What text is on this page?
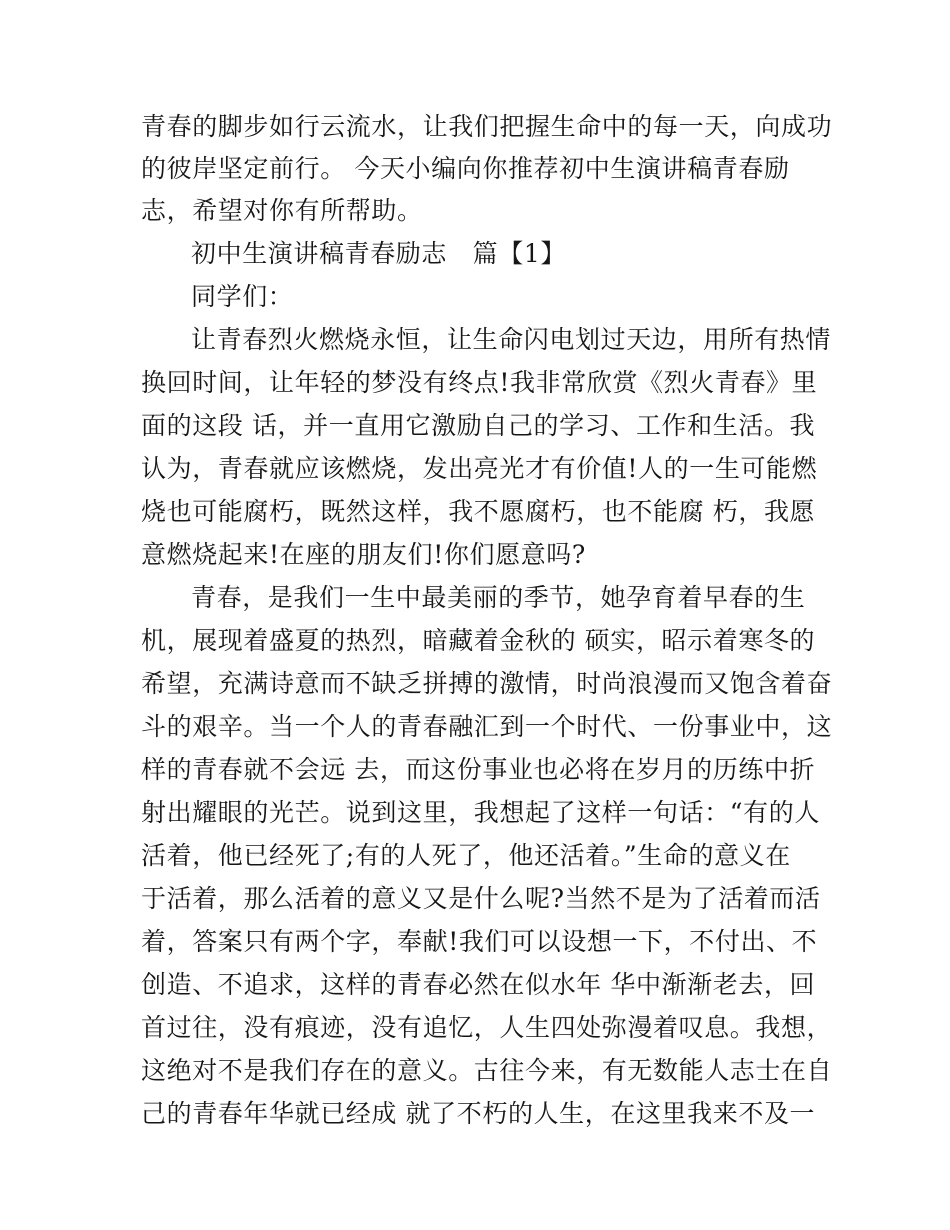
青春的脚步如行云流水，让我们把握生命中的每一天，向成功
的彼岸坚定前行。 今天小编向你推荐初中生演讲稿青春励
志，希望对你有所帮助。
初中生演讲稿青春励志   篇【1】
同学们：
让青春烈火燃烧永恒，让生命闪电划过天边，用所有热情
换回时间，让年轻的梦没有终点!我非常欣赏《烈火青春》里
面的这段 话，并一直用它激励自己的学习、工作和生活。我
认为，青春就应该燃烧，发出亮光才有价值!人的一生可能燃
烧也可能腐朽，既然这样，我不愿腐朽，也不能腐 朽，我愿
意燃烧起来!在座的朋友们!你们愿意吗?
青春，是我们一生中最美丽的季节，她孕育着早春的生
机，展现着盛夏的热烈，暗藏着金秋的 硕实，昭示着寒冬的
希望，充满诗意而不缺乏拼搏的激情，时尚浪漫而又饱含着奋
斗的艰辛。当一个人的青春融汇到一个时代、一份事业中，这
样的青春就不会远 去，而这份事业也必将在岁月的历练中折
射出耀眼的光芒。说到这里，我想起了这样一句话：“有的人
活着，他已经死了;有的人死了，他还活着。”生命的意义在
于活着，那么活着的意义又是什么呢?当然不是为了活着而活
着，答案只有两个字，奉献!我们可以设想一下，不付出、不
创造、不追求，这样的青春必然在似水年 华中渐渐老去，回
首过往，没有痕迹，没有追忆，人生四处弥漫着叹息。我想，
这绝对不是我们存在的意义。古往今来，有无数能人志士在自
己的青春年华就已经成 就了不朽的人生，在这里我来不及一
